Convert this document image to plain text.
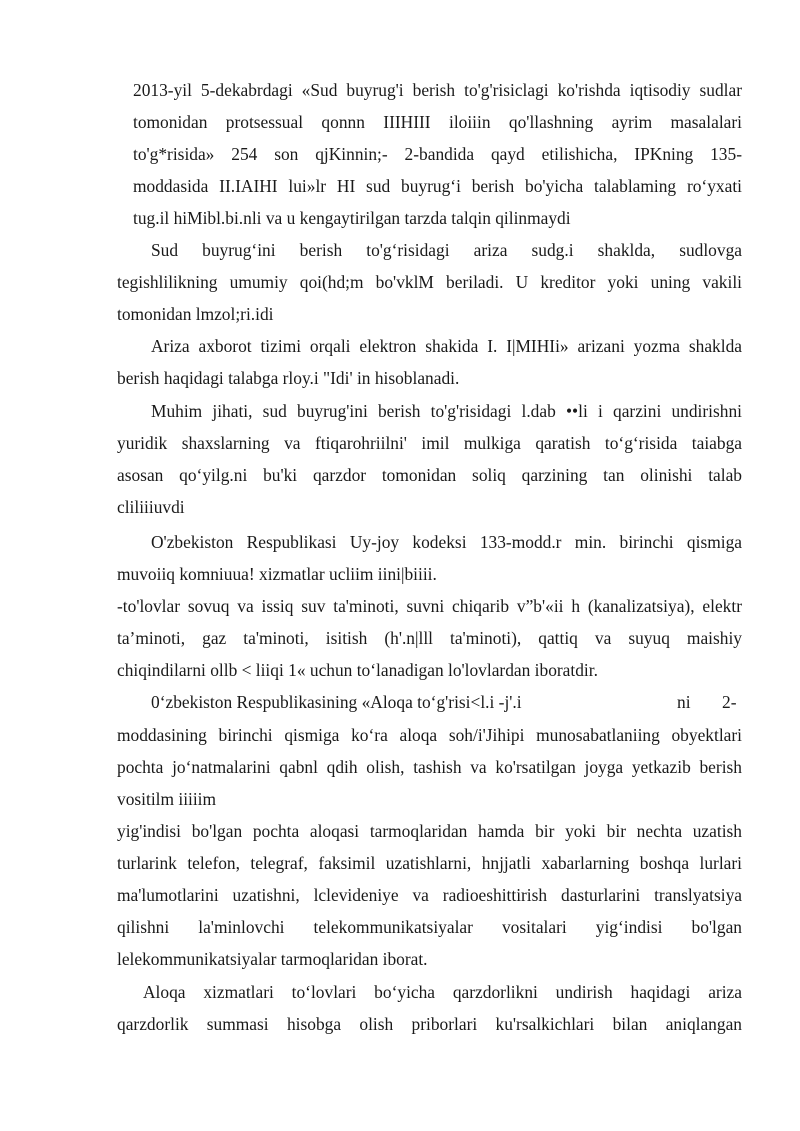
2013-yil 5-dekabrdagi «Sud buyrug'i berish to'g'risiclagi ko'rishda iqtisodiy sudlar
tomonidan protsessual qonnn IIIHIII iloiiin qo'llashning ayrim masalalari
to'g*risida» 254 son qjKinnin;- 2-bandida qayd etilishicha, IPKning 135-
moddasida II.IAIHI lui»lr HI sud buyrug‘i berish bo'yicha talablaming ro‘yxati
tug.il hiMibl.bi.nli va u kengaytirilgan tarzda talqin qilinmaydi
Sud buyrug‘ini berish to'g‘risidagi ariza sudg.i shaklda, sudlovga
tegishlilikning umumiy qoi(hd;m bo'vklM beriladi. U kreditor yoki uning vakili
tomonidan lmzol;ri.idi
Ariza axborot tizimi orqali elektron shakida I. I|MIHIi» arizani yozma shaklda
berish haqidagi talabga rloy.i "Idi' in hisoblanadi.
Muhim jihati, sud buyrug'ini berish to'g'risidagi l.dab ••li i qarzini undirishni
yuridik shaxslarning va ftiqarohriilni' imil mulkiga qaratish to‘g‘risida taiabga
asosan qo‘yilg.ni bu'ki qarzdor tomonidan soliq qarzining tan olinishi talab
cliliiiuvdi
O'zbekiston Respublikasi Uy-joy kodeksi 133-modd.r min. birinchi qismiga
muvoiiq komniuua! xizmatlar ucliim iini|biiii.
-to'lovlar sovuq va issiq suv ta'minoti, suvni chiqarib v”b'«ii h (kanalizatsiya), elektr
ta’minoti, gaz ta'minoti, isitish (h'.n|lll ta'minoti), qattiq va suyuq maishiy
chiqindilarni ollb < liiqi 1« uchun to‘lanadigan lo'lovlardan iboratdir.
0‘zbekiston Respublikasining «Aloqa to‘g'risi<l.i -j'.i	ni	2-
moddasining birinchi qismiga ko‘ra aloqa soh/i'Jihipi munosabatlaniing obyektlari
pochta jo‘natmalarini qabnl qdih olish, tashish va ko'rsatilgan joyga yetkazib berish
vositilm iiiiim
yig'indisi bo'lgan pochta aloqasi tarmoqlaridan hamda bir yoki bir nechta uzatish
turlarink telefon, telegraf, faksimil uzatishlarni, hnjjatli xabarlarning boshqa lurlari
ma'lumotlarini uzatishni, lclevideniye va radioeshittirish dasturlarini translyatsiya
qilishni la'minlovchi telekommunikatsiyalar vositalari yig‘indisi bo'lgan
lelekommunikatsiyalar tarmoqlaridan iborat.
Aloqa xizmatlari to‘lovlari bo‘yicha qarzdorlikni undirish haqidagi ariza
qarzdorlik summasi hisobga olish priborlari ku'rsalkichlari bilan aniqlangan
